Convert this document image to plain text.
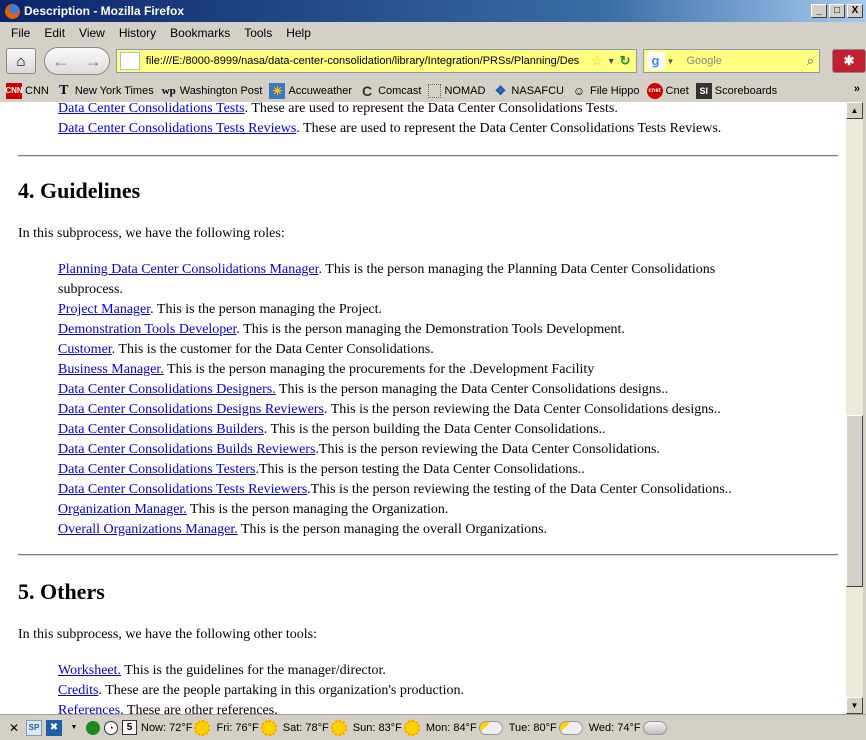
Description - Mozilla Firefox	_	□	X
File	Edit	View	History	Bookmarks	Tools	Help
⌂ ← →	file:///E:/8000-8999/nasa/data-center-consolidation/library/Integration/PRSs/Planning/Des ☆ ▼ ↻	g ▼	Google	⌕	✱
CNN CNN T New York Times wp Washington Post ☀ Accuweather C Comcast NOMAD ❖ NASAFCU ☺ File Hippo	cnet Cnet	SI Scoreboards	»
Data Center Consolidations Tests. These are used to represent the Data Center Consolidations Tests.
Data Center Consolidations Tests Reviews. These are used to represent the Data Center Consolidations Tests Reviews.
4. Guidelines
In this subprocess, we have the following roles:
Planning Data Center Consolidations Manager. This is the person managing the Planning Data Center Consolidations subprocess.
Project Manager. This is the person managing the Project.
Demonstration Tools Developer. This is the person managing the Demonstration Tools Development.
Customer. This is the customer for the Data Center Consolidations.
Business Manager. This is the person managing the procurements for the .Development Facility
Data Center Consolidations Designers. This is the person managing the Data Center Consolidations designs..
Data Center Consolidations Designs Reviewers. This is the person reviewing the Data Center Consolidations designs..
Data Center Consolidations Builders. This is the person building the Data Center Consolidations..
Data Center Consolidations Builds Reviewers.This is the person reviewing the Data Center Consolidations.
Data Center Consolidations Testers.This is the person testing the Data Center Consolidations..
Data Center Consolidations Tests Reviewers.This is the person reviewing the testing of the Data Center Consolidations..
Organization Manager. This is the person managing the Organization.
Overall Organizations Manager. This is the person managing the overall Organizations.
5. Others
In this subprocess, we have the following other tools:
Worksheet. This is the guidelines for the manager/director.
Credits. These are the people partaking in this organization's production.
References. These are other references.
▲
▼
✕	SP	✖	▼	◔	5 Now: 72°F Fri: 76°F Sat: 78°F Sun: 83°F Mon: 84°F	Tue: 80°F	Wed: 74°F
